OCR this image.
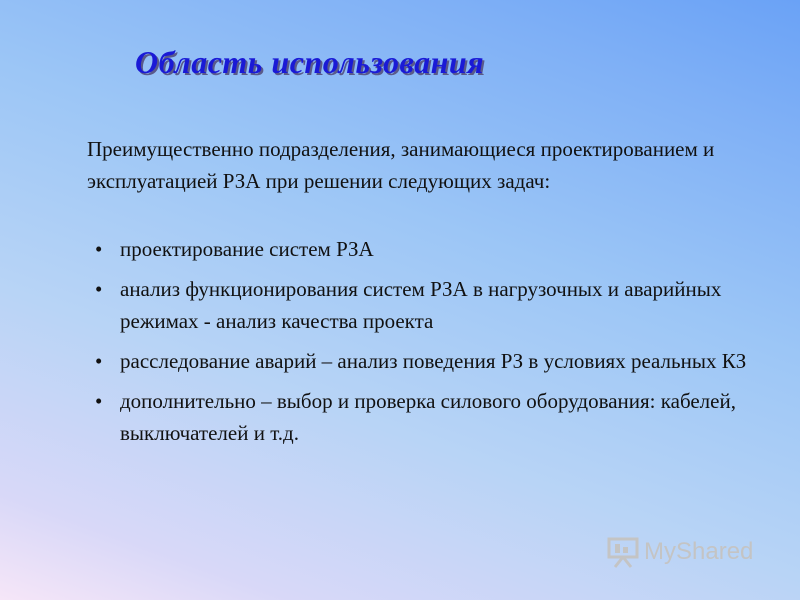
Область использования

Преимущественно подразделения, занимающиеся проектированием и эксплуатацией РЗА при решении следующих задач:

• проектирование систем РЗА
• анализ функционирования систем РЗА в нагрузочных и аварийных режимах - анализ качества проекта
• расследование аварий – анализ поведения РЗ в условиях реальных КЗ
• дополнительно – выбор и проверка силового оборудования: кабелей, выключателей и т.д.
MyShared
